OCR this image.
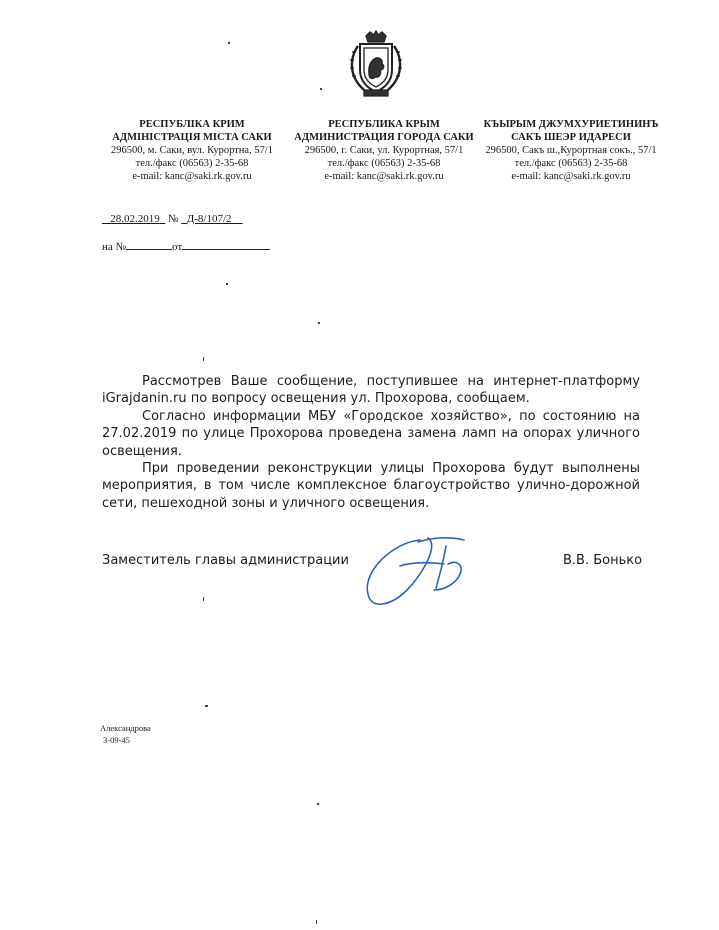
РЕСПУБЛІКА КРИМ
АДМІНІСТРАЦІЯ МІСТА САКИ
296500, м. Саки, вул. Курортна, 57/1
тел./факс (06563) 2-35-68
e-mail: kanc@saki.rk.gov.ru
РЕСПУБЛИКА КРЫМ
АДМИНИСТРАЦИЯ ГОРОДА САКИ
296500, г. Саки, ул. Курортная, 57/1
тел./факс (06563) 2-35-68
e-mail: kanc@saki.rk.gov.ru
КЪЫРЫМ ДЖУМХУРИЕТИНИНЪ
САКЪ ШЕЭР ИДАРЕСИ
296500, Сакъ ш.,Курортная сокъ., 57/1
тел./факс (06563) 2-35-68
e-mail: kanc@saki.rk.gov.ru
28.02.2019 № Д-8/107/2
на №	от

Рассмотрев Ваше сообщение, поступившее на интернет-платформу iGrajdanin.ru по вопросу освещения ул. Прохорова, сообщаем.

Согласно информации МБУ «Городское хозяйство», по состоянию на 27.02.2019 по улице Прохорова проведена замена ламп на опорах уличного освещения.

При проведении реконструкции улицы Прохорова будут выполнены мероприятия, в том числе комплексное благоустройство улично-дорожной сети, пешеходной зоны и уличного освещения.

Заместитель главы администрации	В.В. Бонько
Александрова
3-09-45
